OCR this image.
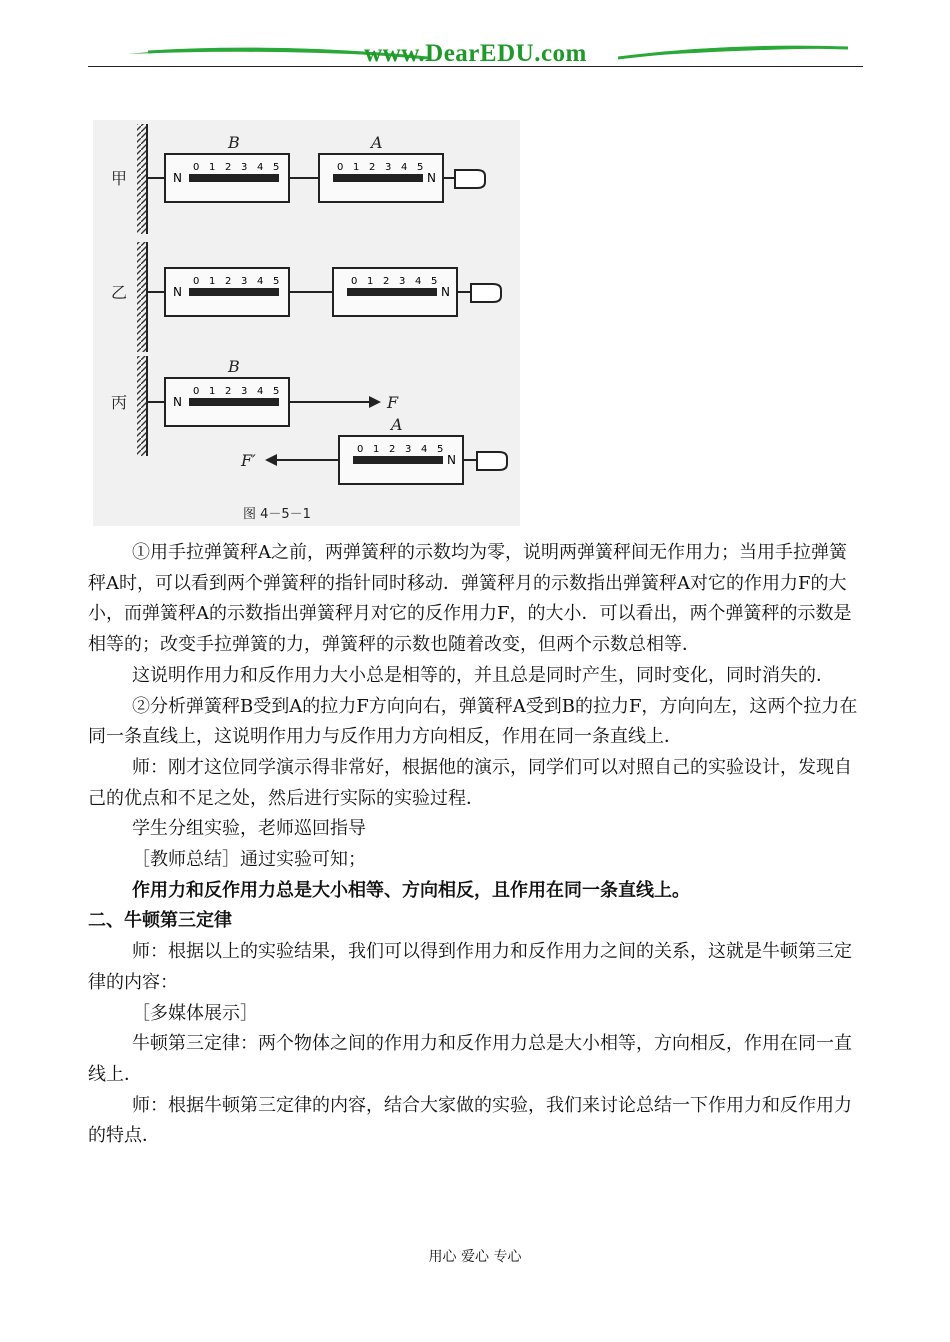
www.DearEDU.com
甲
B	A
N
0 1 2 3 4 5
N
0 1 2 3 4 5
乙	N
0 1 2 3 4 5
N
0 1 2 3 4 5
丙
B
N
0 1 2 3 4 5
F
A
N
0 1 2 3 4 5
F′
图 4－5－1

①用手拉弹簧秤A之前，两弹簧秤的示数均为零，说明两弹簧秤间无作用力；当用手拉弹簧秤A时，可以看到两个弹簧秤的指针同时移动．弹簧秤月的示数指出弹簧秤A对它的作用力F的大小，而弹簧秤A的示数指出弹簧秤月对它的反作用力F，的大小．可以看出，两个弹簧秤的示数是相等的；改变手拉弹簧的力，弹簧秤的示数也随着改变，但两个示数总相等．

这说明作用力和反作用力大小总是相等的，并且总是同时产生，同时变化，同时消失的．

②分析弹簧秤B受到A的拉力F方向向右，弹簧秤A受到B的拉力F，方向向左，这两个拉力在同一条直线上，这说明作用力与反作用力方向相反，作用在同一条直线上．

师：刚才这位同学演示得非常好，根据他的演示，同学们可以对照自己的实验设计，发现自己的优点和不足之处，然后进行实际的实验过程．

学生分组实验，老师巡回指导

［教师总结］通过实验可知；

作用力和反作用力总是大小相等、方向相反，且作用在同一条直线上。

二、牛顿第三定律

师：根据以上的实验结果，我们可以得到作用力和反作用力之间的关系，这就是牛顿第三定律的内容：

［多媒体展示］

牛顿第三定律：两个物体之间的作用力和反作用力总是大小相等，方向相反，作用在同一直线上．

师：根据牛顿第三定律的内容，结合大家做的实验，我们来讨论总结一下作用力和反作用力的特点．

用心 爱心 专心
